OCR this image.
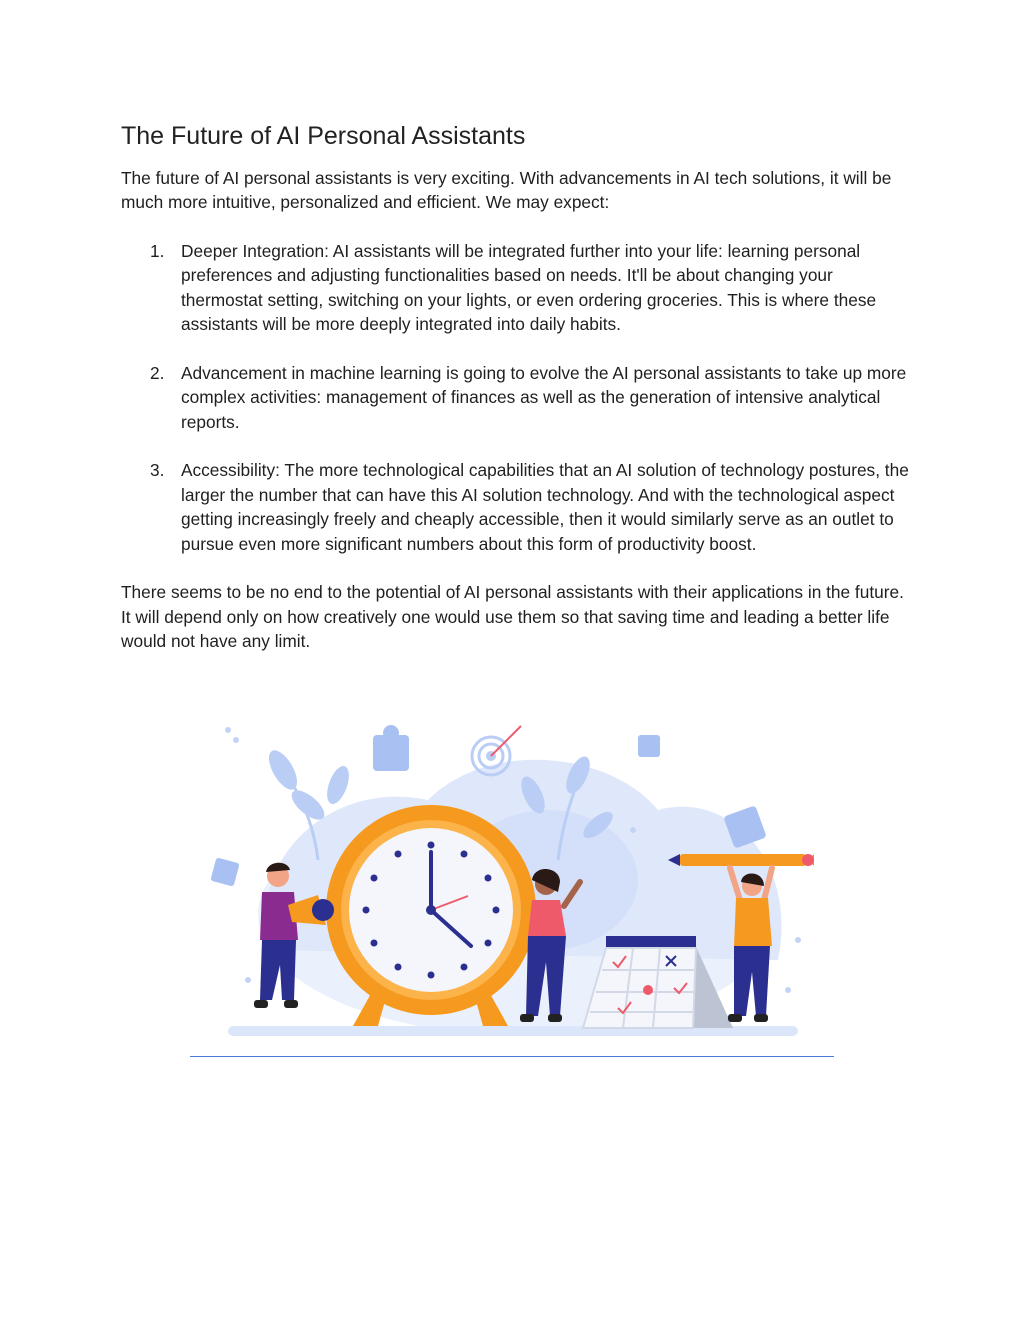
The Future of AI Personal Assistants

The future of AI personal assistants is very exciting. With advancements in AI tech solutions, it will be much more intuitive, personalized and efficient. We may expect:

1. Deeper Integration: AI assistants will be integrated further into your life: learning personal preferences and adjusting functionalities based on needs. It'll be about changing your thermostat setting, switching on your lights, or even ordering groceries. This is where these assistants will be more deeply integrated into daily habits.
2. Advancement in machine learning is going to evolve the AI personal assistants to take up more complex activities: management of finances as well as the generation of intensive analytical reports.
3. Accessibility: The more technological capabilities that an AI solution of technology postures, the larger the number that can have this AI solution technology. And with the technological aspect getting increasingly freely and cheaply accessible, then it would similarly serve as an outlet to pursue even more significant numbers about this form of productivity boost.

There seems to be no end to the potential of AI personal assistants with their applications in the future. It will depend only on how creatively one would use them so that saving time and leading a better life would not have any limit.
